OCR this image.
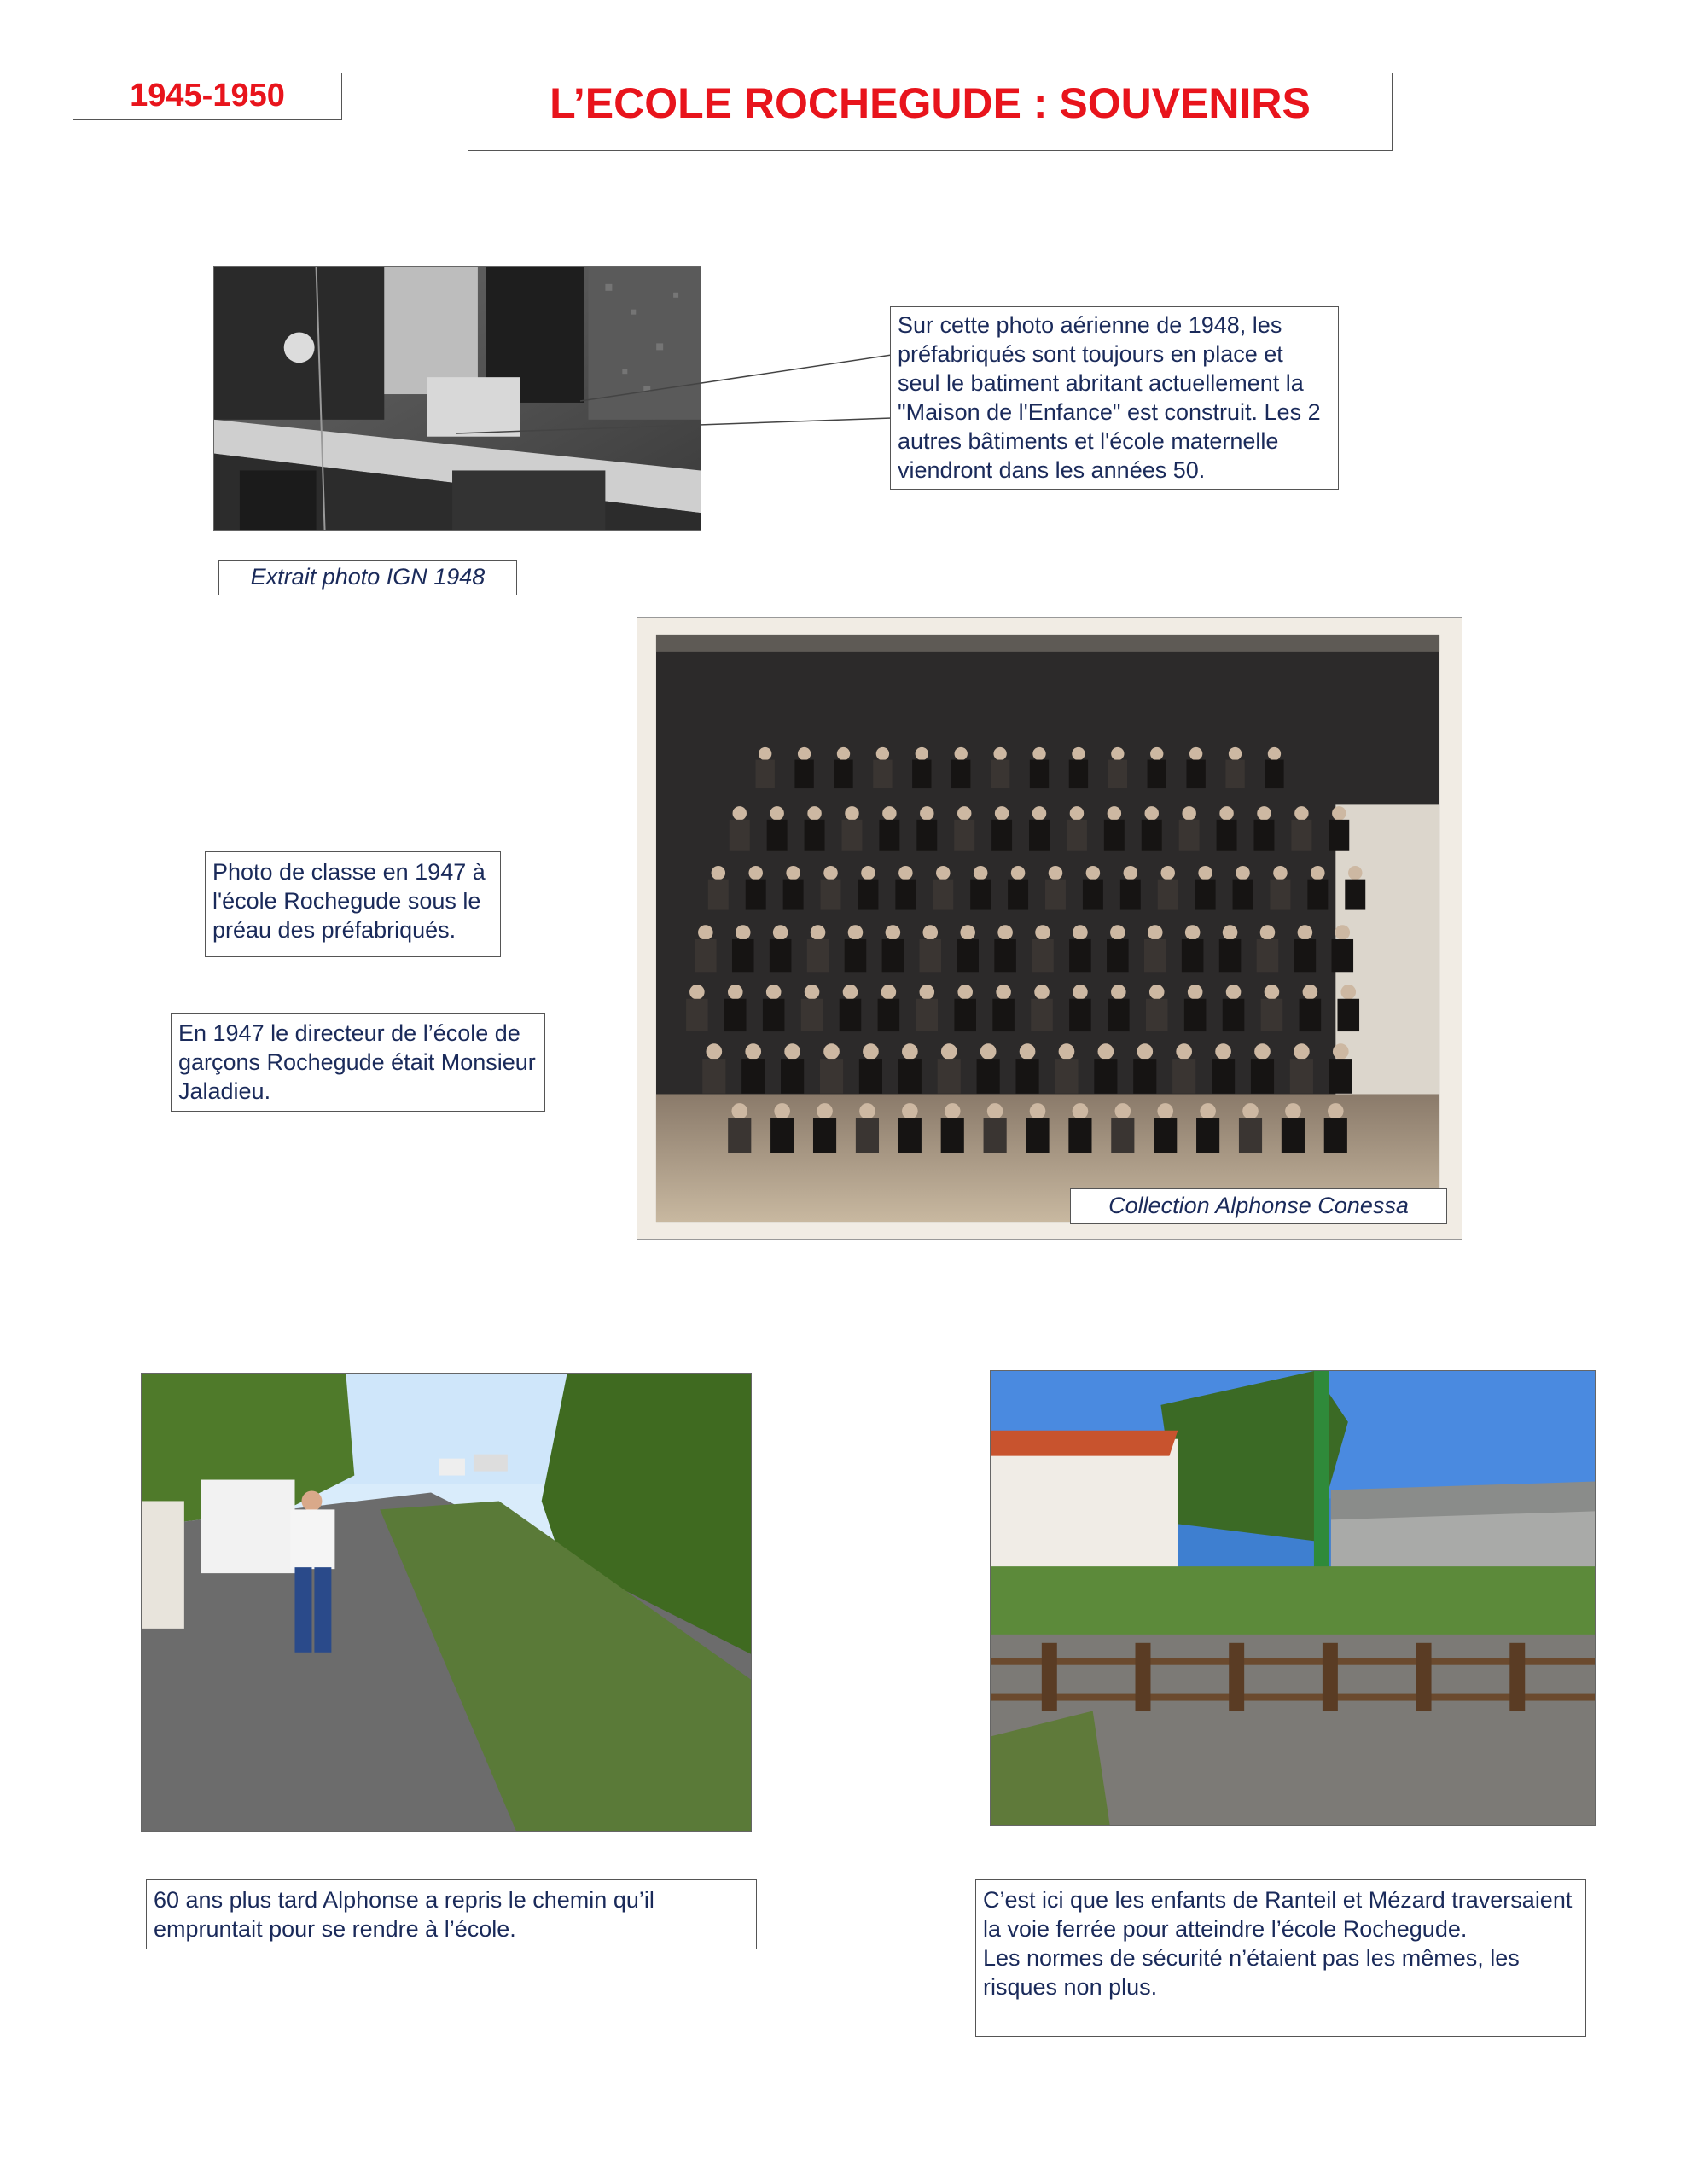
1945-1950	L’ECOLE ROCHEGUDE : SOUVENIRS
Sur cette photo aérienne de 1948, les préfabriqués sont toujours en place et seul le batiment abritant actuellement la "Maison de l'Enfance" est construit. Les 2 autres bâtiments et l'école maternelle viendront dans les années 50.
Extrait photo IGN 1948
Photo de classe en 1947 à l'école Rochegude sous le préau des préfabriqués.
En 1947 le directeur de l’école de garçons Rochegude était Monsieur Jaladieu.
Collection Alphonse Conessa
60 ans plus tard Alphonse a repris le chemin qu’il empruntait pour se rendre à l’école.
C’est ici que les enfants de Ranteil et Mézard traversaient la voie ferrée pour atteindre l’école Rochegude.
Les normes de sécurité n’étaient pas les mêmes, les risques non plus.
